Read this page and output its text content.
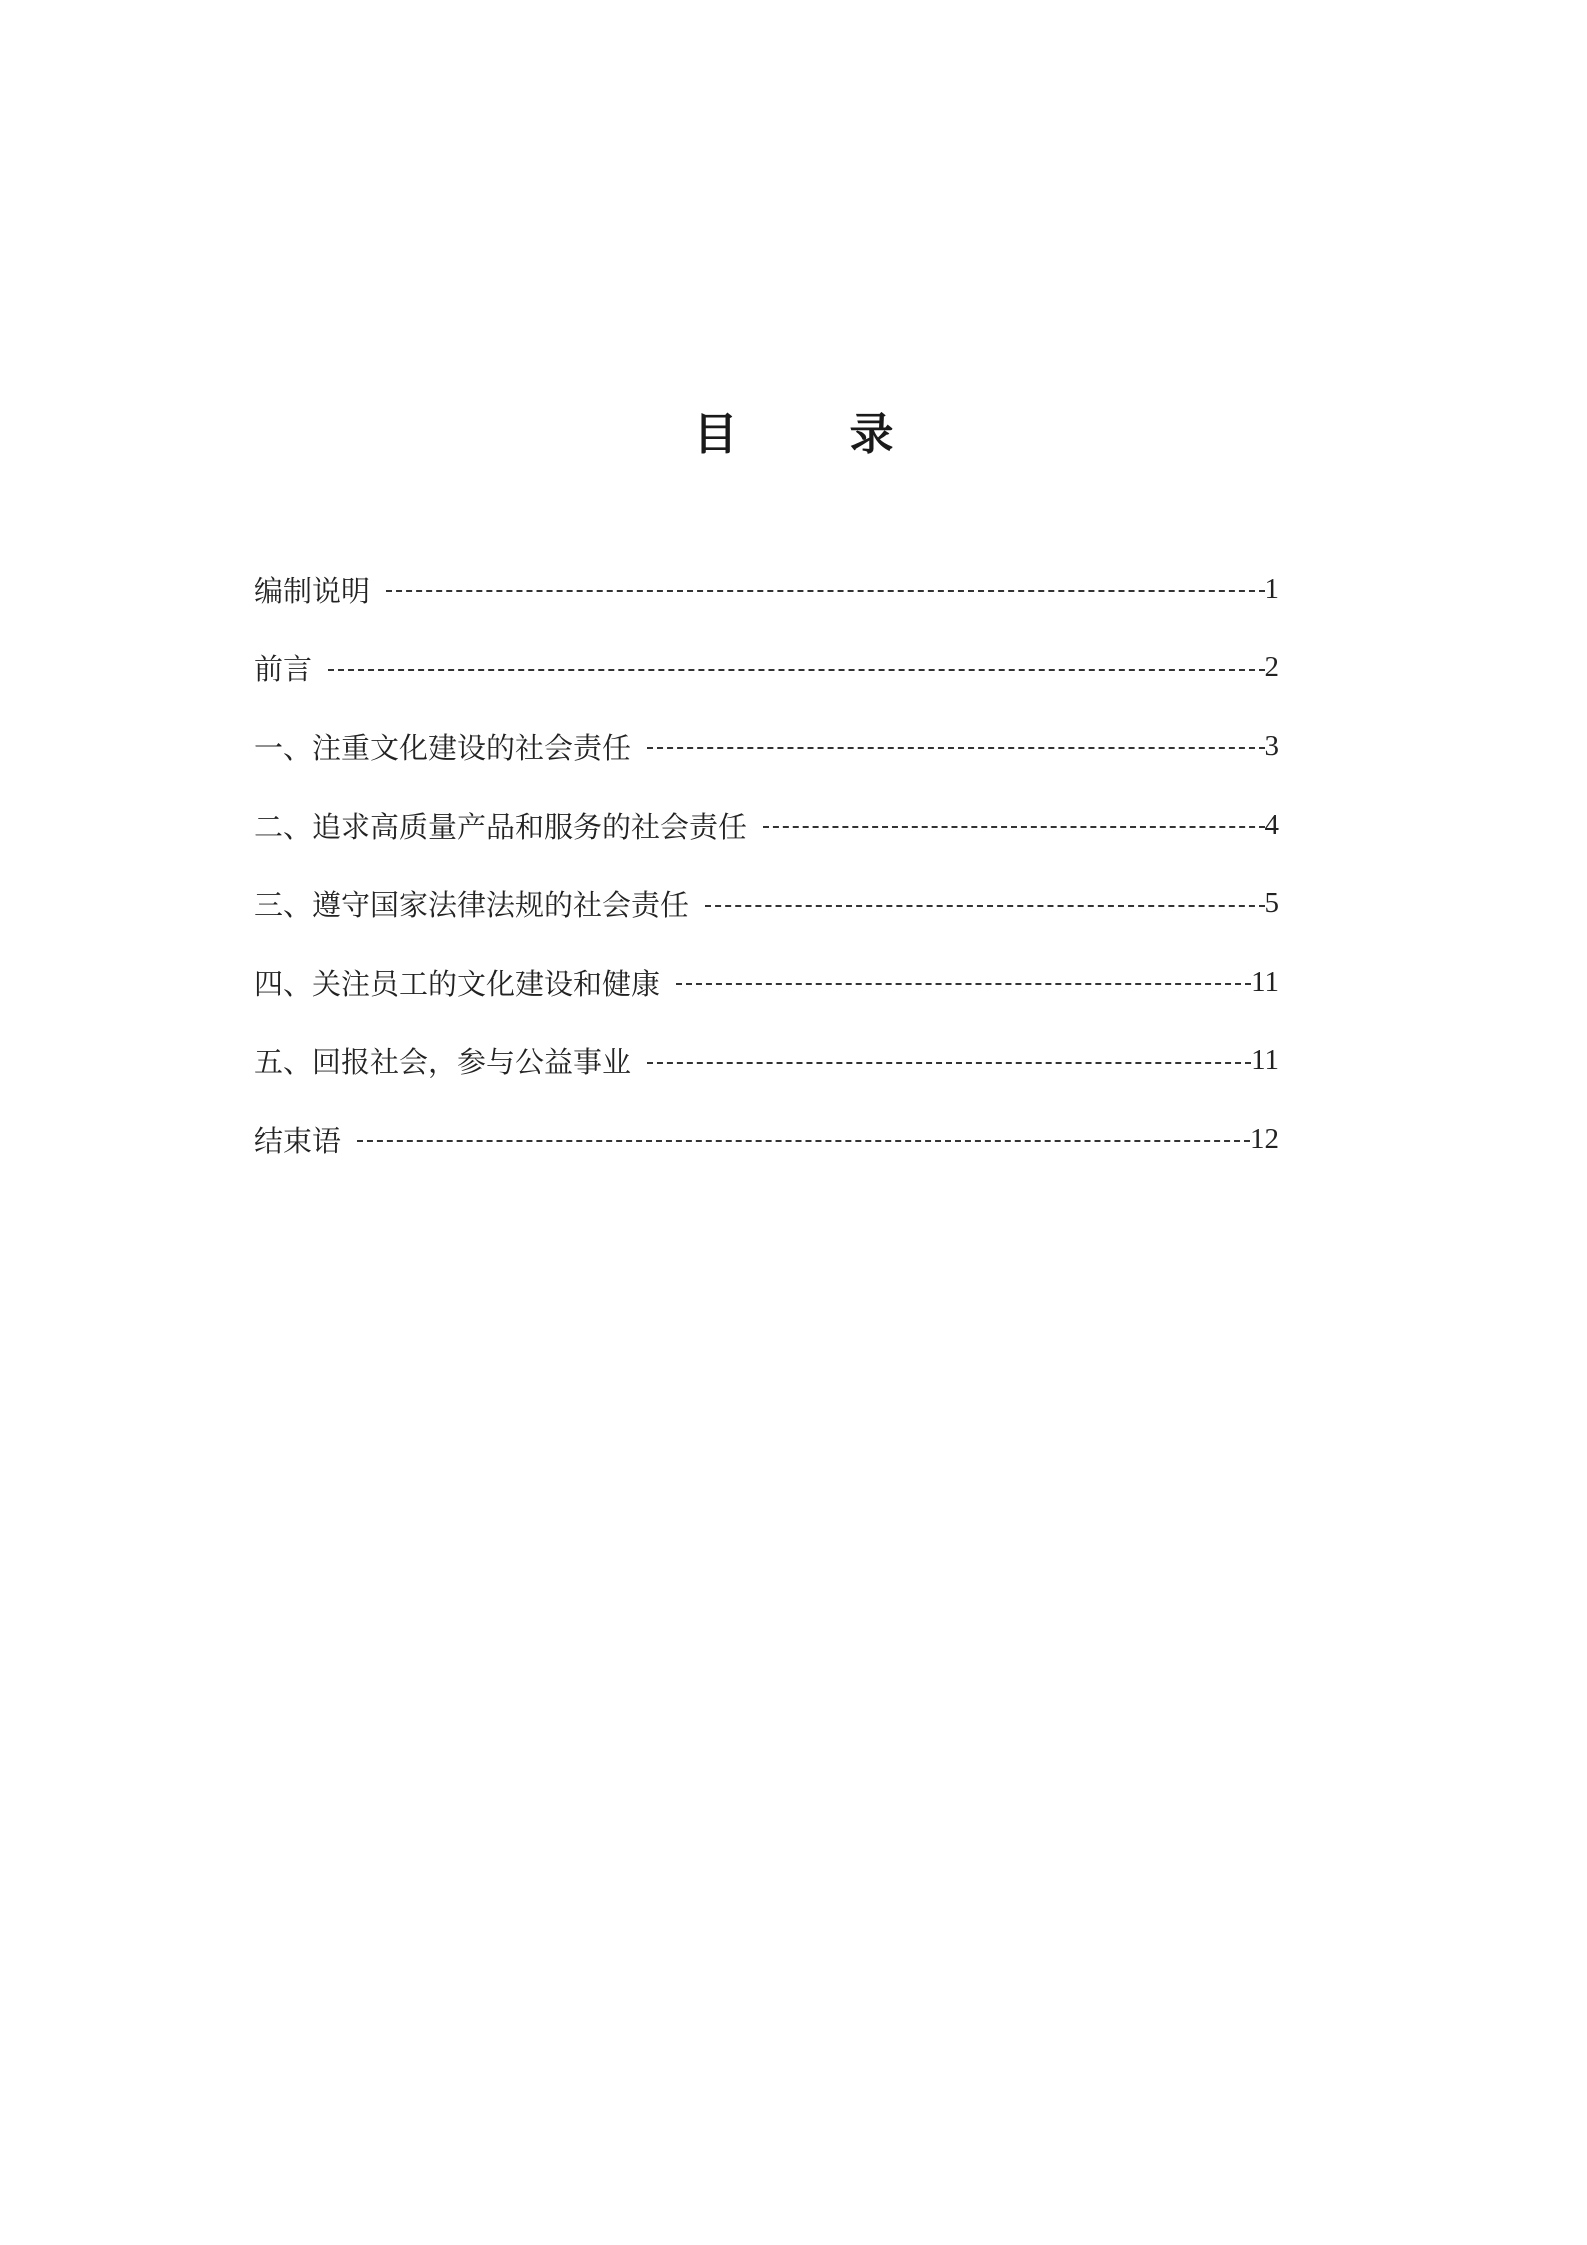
目　录
编制说明	1
前言	2
一、注重文化建设的社会责任	3
二、追求高质量产品和服务的社会责任	4
三、遵守国家法律法规的社会责任	5
四、关注员工的文化建设和健康	11
五、回报社会，参与公益事业	11
结束语	12
